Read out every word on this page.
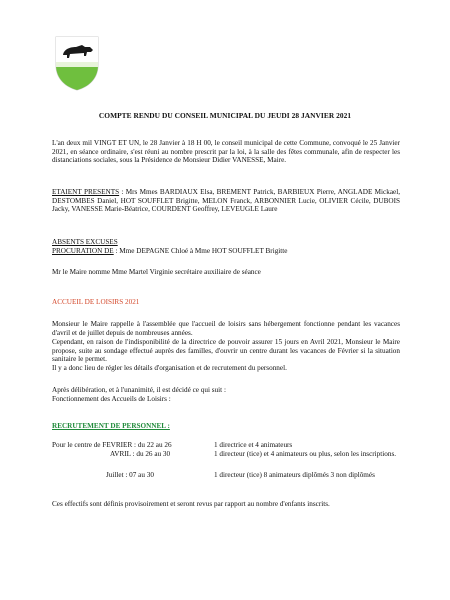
COMPTE RENDU DU CONSEIL MUNICIPAL DU JEUDI 28 JANVIER 2021
L'an deux mil VINGT ET UN, le 28 Janvier à 18 H 00, le conseil municipal de cette Commune, convoqué le 25 Janvier 2021, en séance ordinaire, s'est réuni au nombre prescrit par la loi, à la salle des fêtes communale, afin de respecter les distanciations sociales, sous la Présidence de Monsieur Didier VANESSE, Maire.
ETAIENT PRESENTS : Mrs Mmes BARDIAUX Elsa, BREMENT Patrick, BARBIEUX Pierre, ANGLADE Mickael, DESTOMBES Daniel, HOT SOUFFLET Brigitte, MELON Franck, ARBONNIER Lucie, OLIVIER Cécile, DUBOIS Jacky, VANESSE Marie-Béatrice, COURDENT Geoffrey, LEVEUGLE Laure
ABSENTS EXCUSES
PROCURATION DE : Mme DEPAGNE Chloé à Mme HOT SOUFFLET Brigitte
Mr le Maire nomme Mme Martel Virginie secrétaire auxiliaire de séance
ACCUEIL DE LOISIRS 2021
Monsieur le Maire rappelle à l'assemblée que l'accueil de loisirs sans hébergement fonctionne pendant les vacances d'avril et de juillet depuis de nombreuses années.
Cependant, en raison de l'indisponibilité de la directrice de pouvoir assurer 15 jours en Avril 2021, Monsieur le Maire propose, suite au sondage effectué auprès des familles, d'ouvrir un centre durant les vacances de Février si la situation sanitaire le permet.
Il y a donc lieu de régler les détails d'organisation et de recrutement du personnel.
Après délibération, et à l'unanimité, il est décidé ce qui suit :
Fonctionnement des Accueils de Loisirs :
RECRUTEMENT DE PERSONNEL :
Pour le centre de FEVRIER : du 22 au 26	1 directrice et 4 animateurs
AVRIL : du 26 au 30	1 directeur (tice) et 4 animateurs ou plus, selon les inscriptions.
Juillet : 07 au 30	1 directeur (tice) 8 animateurs diplômés 3 non diplômés
Ces effectifs sont définis provisoirement et seront revus par rapport au nombre d'enfants inscrits.
